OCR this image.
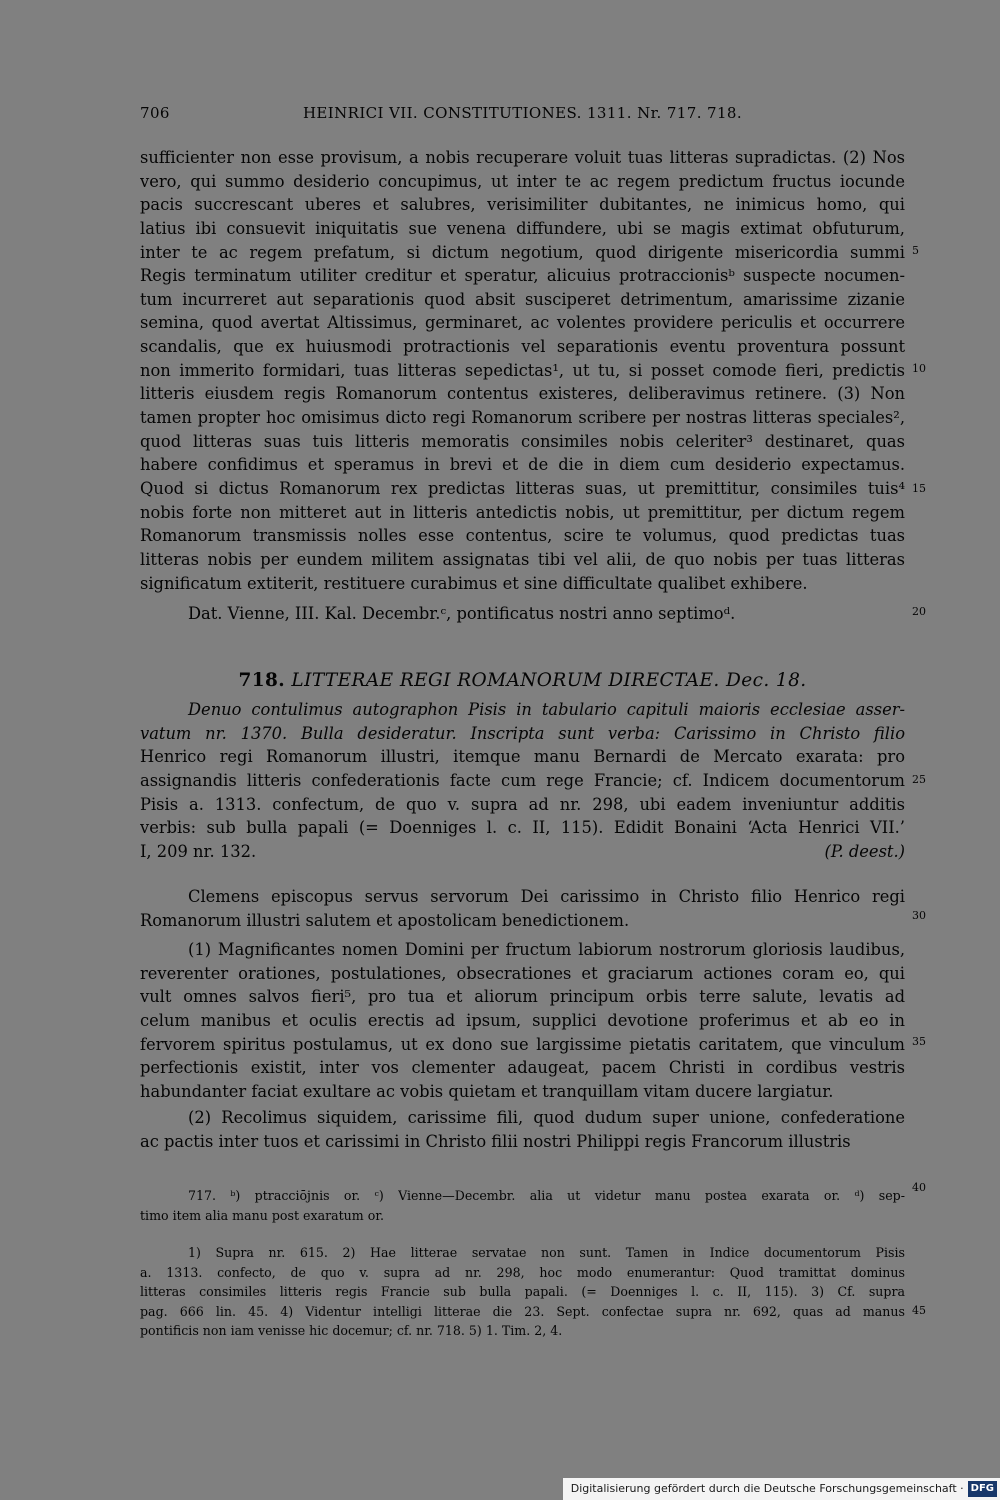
706	HEINRICI VII. CONSTITUTIONES. 1311. Nr. 717. 718.
sufficienter non esse provisum, a nobis recuperare voluit tuas litteras supradictas. (2) Nos
vero, qui summo desiderio concupimus, ut inter te ac regem predictum fructus iocunde
pacis succrescant uberes et salubres, verisimiliter dubitantes, ne inimicus homo, qui
latius ibi consuevit iniquitatis sue venena diffundere, ubi se magis extimat obfuturum,
inter te ac regem prefatum, si dictum negotium, quod dirigente misericordia summi
Regis terminatum utiliter creditur et speratur, alicuius protraccionisᵇ suspecte nocumen-
tum incurreret aut separationis quod absit susciperet detrimentum, amarissime zizanie
semina, quod avertat Altissimus, germinaret, ac volentes providere periculis et occurrere
scandalis, que ex huiusmodi protractionis vel separationis eventu proventura possunt
non immerito formidari, tuas litteras sepedictas¹, ut tu, si posset comode fieri, predictis
litteris eiusdem regis Romanorum contentus existeres, deliberavimus retinere. (3) Non
tamen propter hoc omisimus dicto regi Romanorum scribere per nostras litteras speciales²,
quod litteras suas tuis litteris memoratis consimiles nobis celeriter³ destinaret, quas
habere confidimus et speramus in brevi et de die in diem cum desiderio expectamus.
Quod si dictus Romanorum rex predictas litteras suas, ut premittitur, consimiles tuis⁴
nobis forte non mitteret aut in litteris antedictis nobis, ut premittitur, per dictum regem
Romanorum transmissis nolles esse contentus, scire te volumus, quod predictas tuas
litteras nobis per eundem militem assignatas tibi vel alii, de quo nobis per tuas litteras
significatum extiterit, restituere curabimus et sine difficultate qualibet exhibere.
Dat. Vienne, III. Kal. Decembr.ᶜ, pontificatus nostri anno septimoᵈ.
718. LITTERAE REGI ROMANORUM DIRECTAE. Dec. 18.
Denuo contulimus autographon Pisis in tabulario capituli maioris ecclesiae asser-
vatum nr. 1370. Bulla desideratur. Inscripta sunt verba: Carissimo in Christo filio
Henrico regi Romanorum illustri, itemque manu Bernardi de Mercato exarata: pro
assignandis litteris confederationis facte cum rege Francie; cf. Indicem documentorum
Pisis a. 1313. confectum, de quo v. supra ad nr. 298, ubi eadem inveniuntur additis
verbis: sub bulla papali (= Doenniges l. c. II, 115). Edidit Bonaini ‘Acta Henrici VII.’
(P. deest.)
I, 209 nr. 132.
Clemens episcopus servus servorum Dei carissimo in Christo filio Henrico regi
Romanorum illustri salutem et apostolicam benedictionem.
(1) Magnificantes nomen Domini per fructum labiorum nostrorum gloriosis laudibus,
reverenter orationes, postulationes, obsecrationes et graciarum actiones coram eo, qui
vult omnes salvos fieri⁵, pro tua et aliorum principum orbis terre salute, levatis ad
celum manibus et oculis erectis ad ipsum, supplici devotione proferimus et ab eo in
fervorem spiritus postulamus, ut ex dono sue largissime pietatis caritatem, que vinculum
perfectionis existit, inter vos clementer adaugeat, pacem Christi in cordibus vestris
habundanter faciat exultare ac vobis quietam et tranquillam vitam ducere largiatur.
(2) Recolimus siquidem, carissime fili, quod dudum super unione, confederatione
ac pactis inter tuos et carissimi in Christo filii nostri Philippi regis Francorum illustris
5
10
15
20
25
30
35
40
45
717. ᵇ) ptracciōjnis or. ᶜ) Vienne—Decembr. alia ut videtur manu postea exarata or. ᵈ) sep-
timo item alia manu post exaratum or.
1) Supra nr. 615. 2) Hae litterae servatae non sunt. Tamen in Indice documentorum Pisis
a. 1313. confecto, de quo v. supra ad nr. 298, hoc modo enumerantur: Quod tramittat dominus
litteras consimiles litteris regis Francie sub bulla papali. (= Doenniges l. c. II, 115). 3) Cf. supra
pag. 666 lin. 45. 4) Videntur intelligi litterae die 23. Sept. confectae supra nr. 692, quas ad manus
pontificis non iam venisse hic docemur; cf. nr. 718. 5) 1. Tim. 2, 4.
Digitalisierung gefördert durch die Deutsche Forschungsgemeinschaft · DFG
